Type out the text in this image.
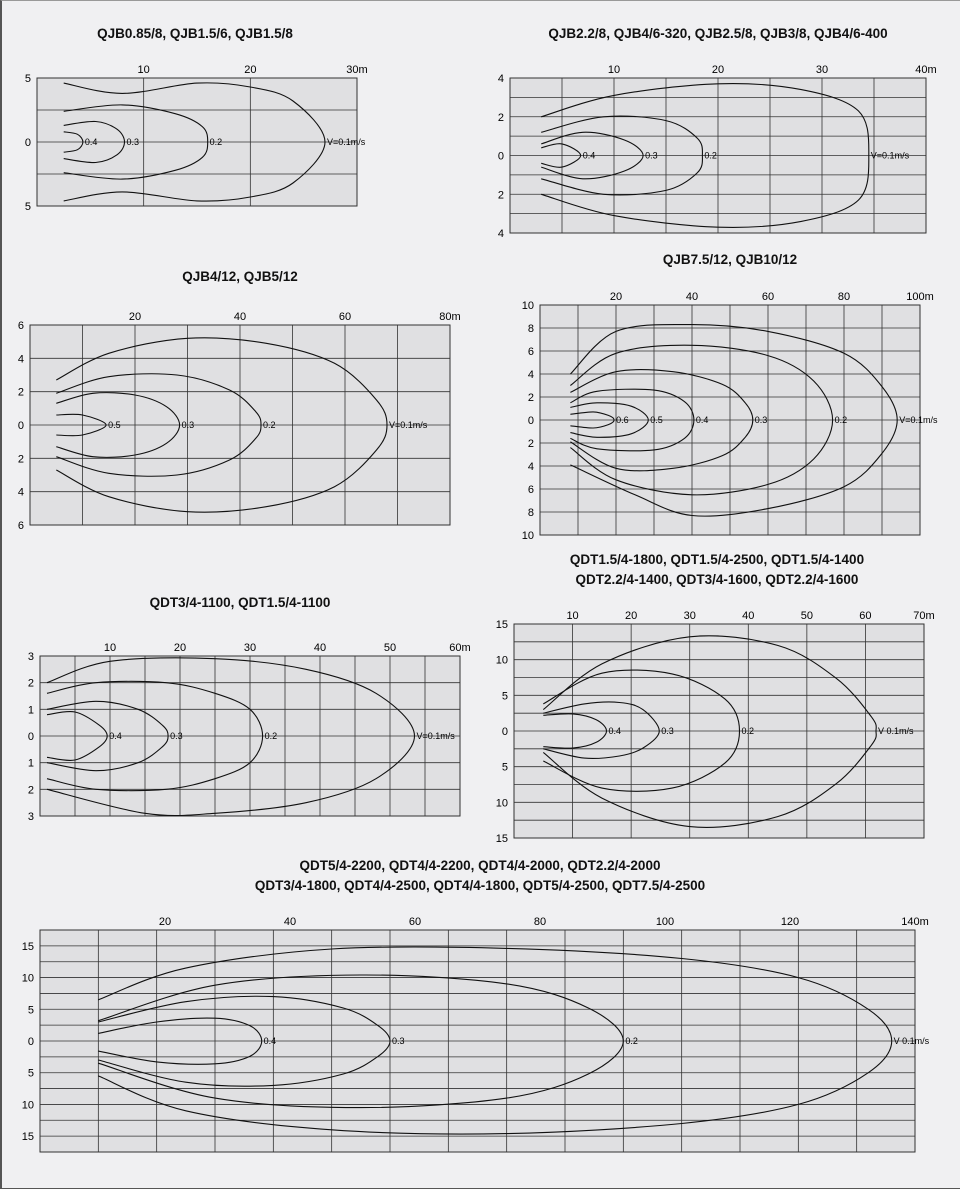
10	20	30m
5
0
5
V=0.1m/s
0.2
0.3
0.4
10	20	30	40m
4
2
0
2
4
V=0.1m/s
0.2
0.3
0.4
20	40	60	80m
6
4
2
0
2
4
6
V=0.1m/s
0.2
0.3
0.5
20	40	60	80	100m
10
8
6
4
2
0
2
4
6
8
10
V=0.1m/s
0.2
0.3
0.4
0.5
0.6
10	20	30	40	50	60m
3
2
1
0
1
2
3
V=0.1m/s
0.2
0.3
0.4
10	20	30	40	50	60	70m
15
10
5
0
5
10
15
V 0.1m/s
0.2
0.3
0.4
20	40	60	80	100	120	140m
15
10
5
0
5
10
15
V 0.1m/s
0.2
0.3
0.4
QJB0.85/8, QJB1.5/6, QJB1.5/8	QJB2.2/8, QJB4/6-320, QJB2.5/8, QJB3/8, QJB4/6-400
QJB4/12, QJB5/12
QJB7.5/12, QJB10/12
QDT3/4-1100, QDT1.5/4-1100
QDT1.5/4-1800, QDT1.5/4-2500, QDT1.5/4-1400
QDT2.2/4-1400, QDT3/4-1600, QDT2.2/4-1600
QDT5/4-2200, QDT4/4-2200, QDT4/4-2000, QDT2.2/4-2000
QDT3/4-1800, QDT4/4-2500, QDT4/4-1800, QDT5/4-2500, QDT7.5/4-2500
